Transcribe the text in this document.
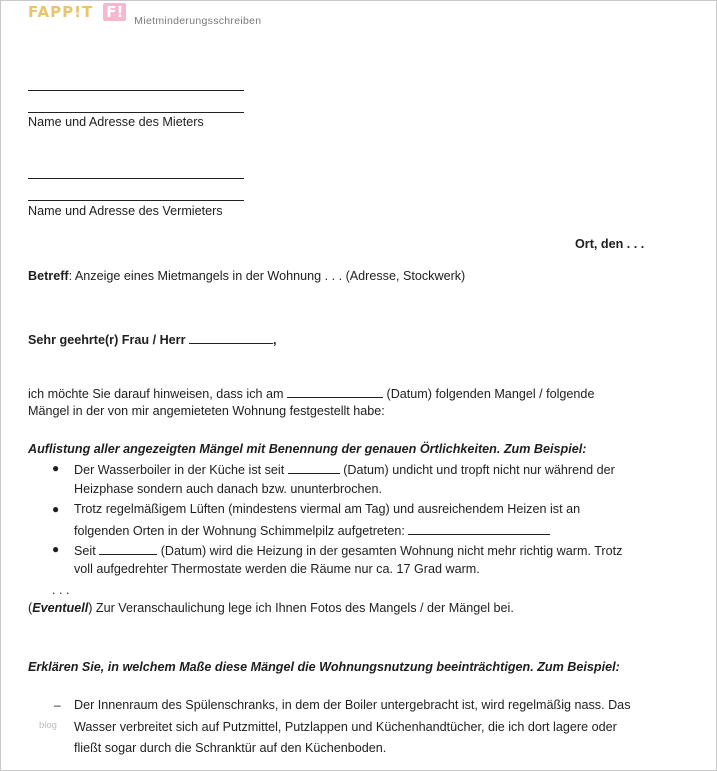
FAPP!T F! Mietminderungsschreiben
Name und Adresse des Mieters
Name und Adresse des Vermieters
Ort, den . . .
Betreff: Anzeige eines Mietmangels in der Wohnung . . . (Adresse, Stockwerk)
Sehr geehrte(r) Frau / Herr	,
ich möchte Sie darauf hinweisen, dass ich am	(Datum) folgenden Mangel / folgende
Mängel in der von mir angemieteten Wohnung festgestellt habe:
Auflistung aller angezeigten Mängel mit Benennung der genauen Örtlichkeiten. Zum Beispiel:
● Der Wasserboiler in der Küche ist seit	(Datum) undicht und tropft nicht nur während der
Heizphase sondern auch danach bzw. ununterbrochen.
● Trotz regelmäßigem Lüften (mindestens viermal am Tag) und ausreichendem Heizen ist an
folgenden Orten in der Wohnung Schimmelpilz aufgetreten:
● Seit	(Datum) wird die Heizung in der gesamten Wohnung nicht mehr richtig warm. Trotz
voll aufgedrehter Thermostate werden die Räume nur ca. 17 Grad warm.
. . .
(Eventuell) Zur Veranschaulichung lege ich Ihnen Fotos des Mangels / der Mängel bei.
Erklären Sie, in welchem Maße diese Mängel die Wohnungsnutzung beeinträchtigen. Zum Beispiel:
– Der Innenraum des Spülenschranks, in dem der Boiler untergebracht ist, wird regelmäßig nass. Das
Wasser verbreitet sich auf Putzmittel, Putzlappen und Küchenhandtücher, die ich dort lagere oder
fließt sogar durch die Schranktür auf den Küchenboden.
blog
